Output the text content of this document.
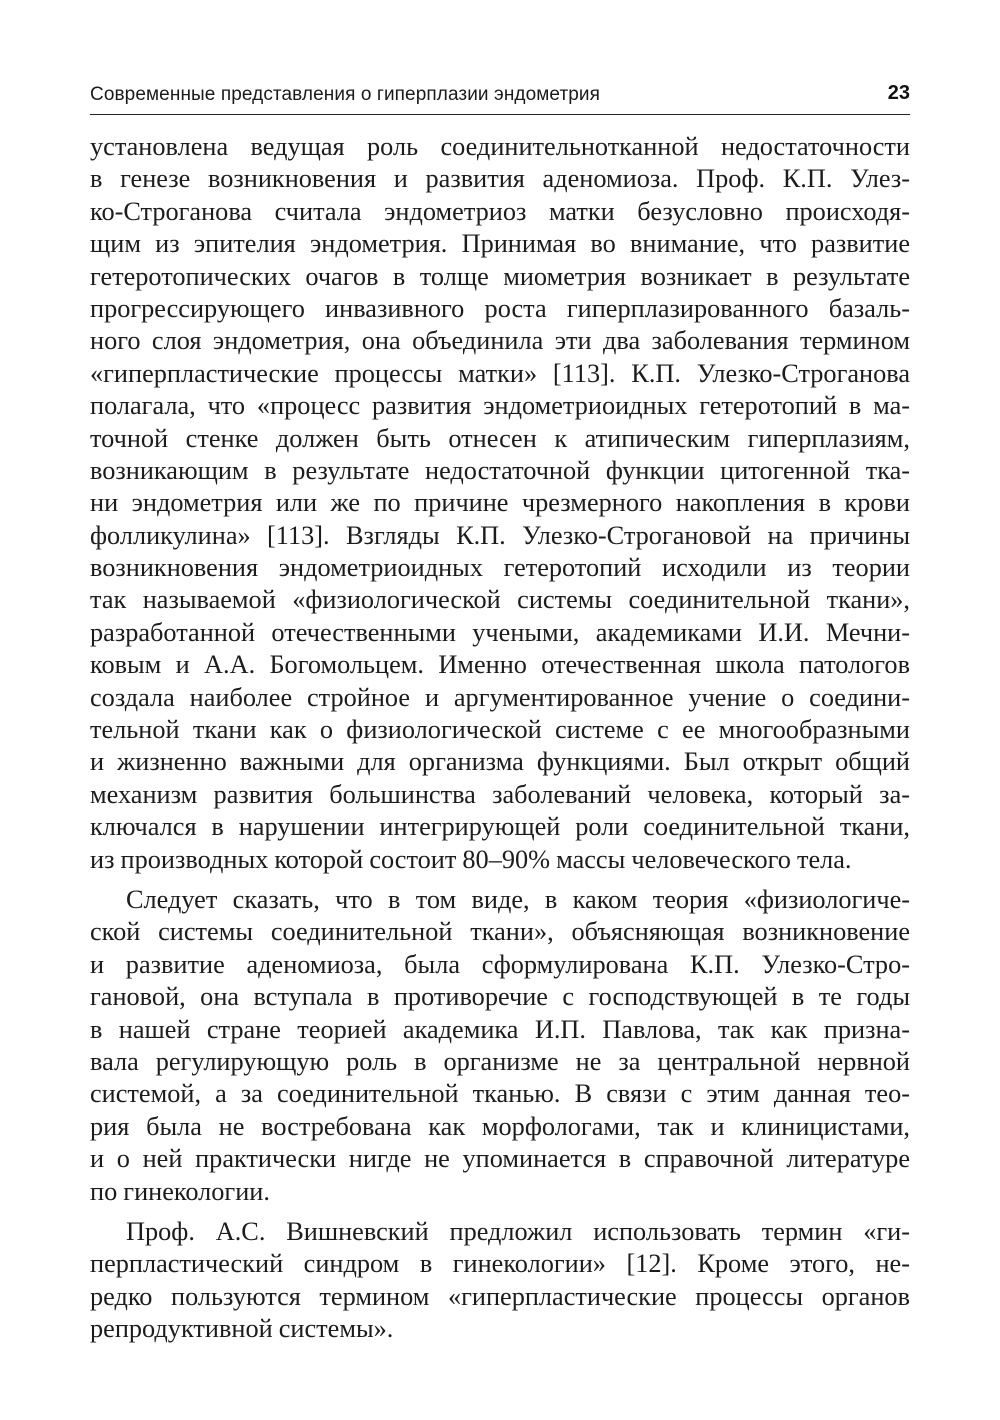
Современные представления о гиперплазии эндометрия	23
установлена ведущая роль соединительнотканной недостаточности
в генезе возникновения и развития аденомиоза. Проф. К.П. Улез-
ко-Строганова считала эндометриоз матки безусловно происходя-
щим из эпителия эндометрия. Принимая во внимание, что развитие
гетеротопических очагов в толще миометрия возникает в результате
прогрессирующего инвазивного роста гиперплазированного базаль-
ного слоя эндометрия, она объединила эти два заболевания термином
«гиперпластические процессы матки» [113]. К.П. Улезко-Строганова
полагала, что «процесс развития эндометриоидных гетеротопий в ма-
точной стенке должен быть отнесен к атипическим гиперплазиям,
возникающим в результате недостаточной функции цитогенной тка-
ни эндометрия или же по причине чрезмерного накопления в крови
фолликулина» [113]. Взгляды К.П. Улезко-Строгановой на причины
возникновения эндометриоидных гетеротопий исходили из теории
так называемой «физиологической системы соединительной ткани»,
разработанной отечественными учеными, академиками И.И. Мечни-
ковым и А.А. Богомольцем. Именно отечественная школа патологов
создала наиболее стройное и аргументированное учение о соедини-
тельной ткани как о физиологической системе с ее многообразными
и жизненно важными для организма функциями. Был открыт общий
механизм развития большинства заболеваний человека, который за-
ключался в нарушении интегрирующей роли соединительной ткани,
из производных которой состоит 80–90% массы человеческого тела.
Следует сказать, что в том виде, в каком теория «физиологиче-
ской системы соединительной ткани», объясняющая возникновение
и развитие аденомиоза, была сформулирована К.П. Улезко-Стро-
гановой, она вступала в противоречие с господствующей в те годы
в нашей стране теорией академика И.П. Павлова, так как призна-
вала регулирующую роль в организме не за центральной нервной
системой, а за соединительной тканью. В связи с этим данная тео-
рия была не востребована как морфологами, так и клиницистами,
и о ней практически нигде не упоминается в справочной литературе
по гинекологии.
Проф. А.С. Вишневский предложил использовать термин «ги-
перпластический синдром в гинекологии» [12]. Кроме этого, не-
редко пользуются термином «гиперпластические процессы органов
репродуктивной системы».
